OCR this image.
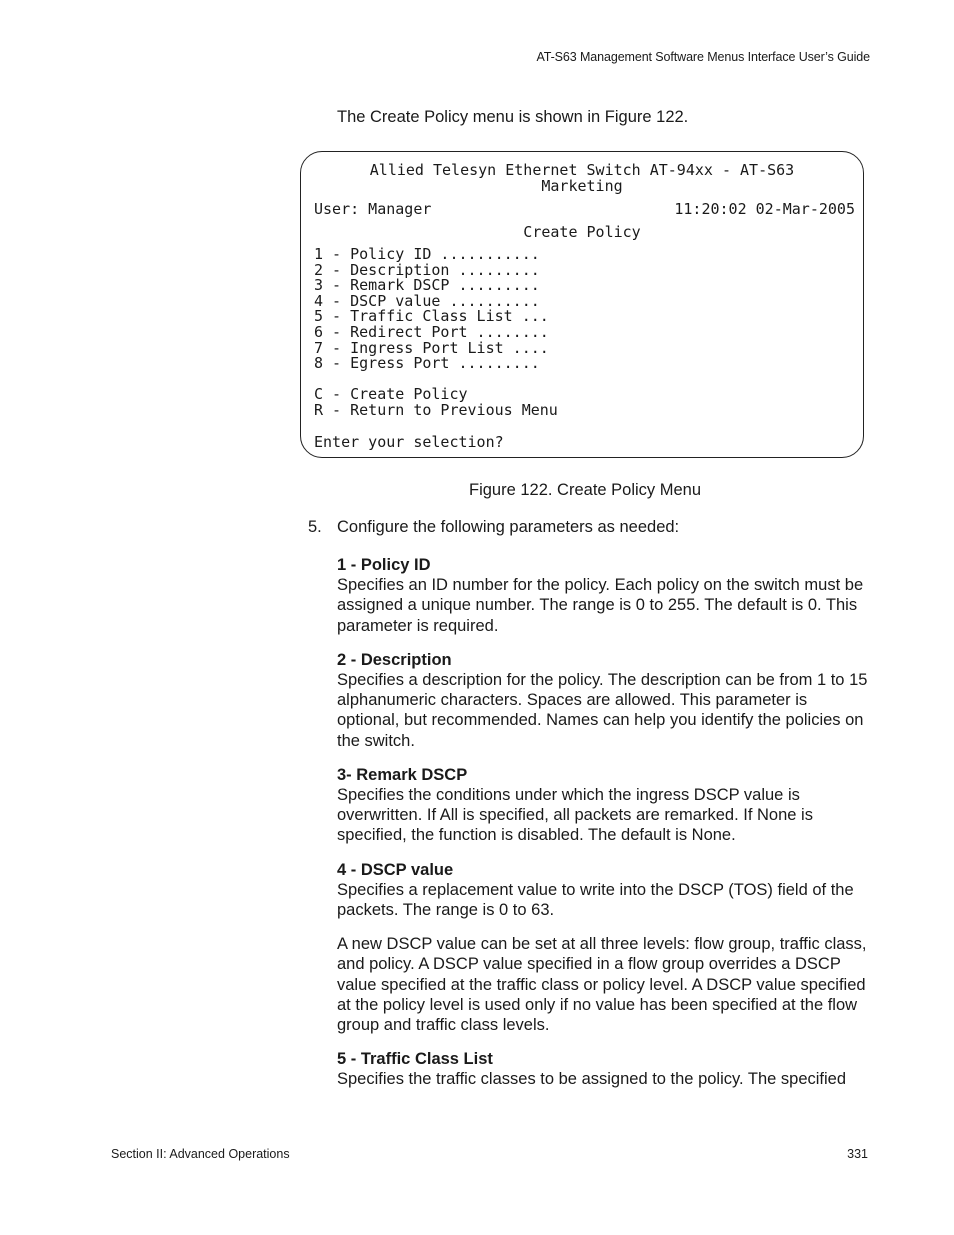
AT-S63 Management Software Menus Interface User’s Guide
The Create Policy menu is shown in Figure 122.
Allied Telesyn Ethernet Switch AT-94xx - AT-S63
Marketing
User: Manager	11:20:02 02-Mar-2005
Create Policy
1 - Policy ID ...........
2 - Description .........
3 - Remark DSCP .........
4 - DSCP value ..........
5 - Traffic Class List ...
6 - Redirect Port ........
7 - Ingress Port List ....
8 - Egress Port .........
C - Create Policy
R - Return to Previous Menu
Enter your selection?
Figure 122. Create Policy Menu
5. Configure the following parameters as needed:
1 - Policy ID

Specifies an ID number for the policy. Each policy on the switch must be assigned a unique number. The range is 0 to 255. The default is 0. This parameter is required.

2 - Description

Specifies a description for the policy. The description can be from 1 to 15 alphanumeric characters. Spaces are allowed. This parameter is optional, but recommended. Names can help you identify the policies on the switch.

3- Remark DSCP

Specifies the conditions under which the ingress DSCP value is overwritten. If All is specified, all packets are remarked. If None is specified, the function is disabled. The default is None.

4 - DSCP value

Specifies a replacement value to write into the DSCP (TOS) field of the packets. The range is 0 to 63.

A new DSCP value can be set at all three levels: flow group, traffic class, and policy. A DSCP value specified in a flow group overrides a DSCP value specified at the traffic class or policy level. A DSCP value specified at the policy level is used only if no value has been specified at the flow group and traffic class levels.

5 - Traffic Class List

Specifies the traffic classes to be assigned to the policy. The specified

Section II: Advanced Operations	331
